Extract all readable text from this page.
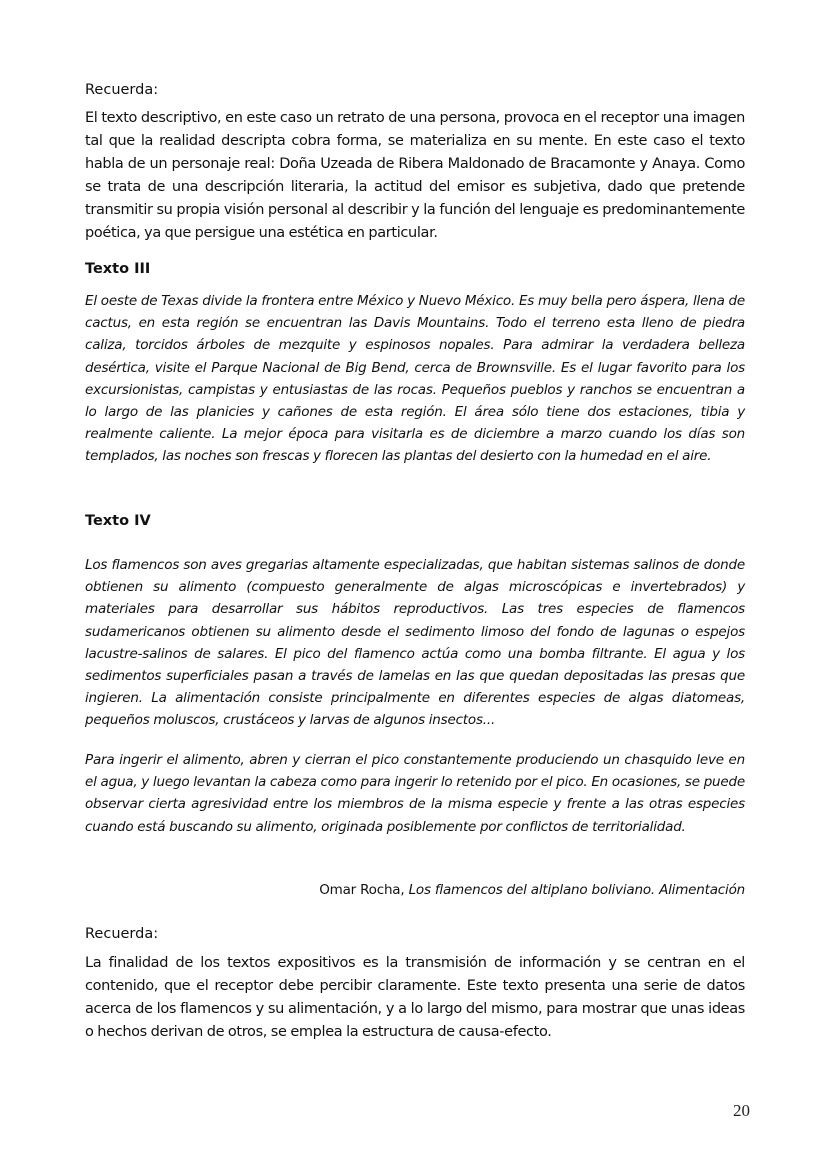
Recuerda:
El texto descriptivo, en este caso un retrato de una persona, provoca en el receptor una imagen tal que la realidad descripta cobra forma, se materializa en su mente. En este caso el texto habla de un personaje real: Doña Uzeada de Ribera Maldonado de Bracamonte y Anaya. Como se trata de una descripción literaria, la actitud del emisor es subjetiva, dado que pretende transmitir su propia visión personal al describir y la función del lenguaje es predominantemente poética, ya que persigue una estética en particular.
Texto III
El oeste de Texas divide la frontera entre México y Nuevo México. Es muy bella pero áspera, llena de cactus, en esta región se encuentran las Davis Mountains. Todo el terreno esta lleno de piedra caliza, torcidos árboles de mezquite y espinosos nopales. Para admirar la verdadera belleza desértica, visite el Parque Nacional de Big Bend, cerca de Brownsville. Es el lugar favorito para los excursionistas, campistas y entusiastas de las rocas. Pequeños pueblos y ranchos se encuentran a lo largo de las planicies y cañones de esta región. El área sólo tiene dos estaciones, tibia y realmente caliente. La mejor época para visitarla es de diciembre a marzo cuando los días son templados, las noches son frescas y florecen las plantas del desierto con la humedad en el aire.
Texto IV
Los flamencos son aves gregarias altamente especializadas, que habitan sistemas salinos de donde obtienen su alimento (compuesto generalmente de algas microscópicas e invertebrados) y materiales para desarrollar sus hábitos reproductivos. Las tres especies de flamencos sudamericanos obtienen su alimento desde el sedimento limoso del fondo de lagunas o espejos lacustre-salinos de salares. El pico del flamenco actúa como una bomba filtrante. El agua y los sedimentos superficiales pasan a través de lamelas en las que quedan depositadas las presas que ingieren. La alimentación consiste principalmente en diferentes especies de algas diatomeas, pequeños moluscos, crustáceos y larvas de algunos insectos...
Para ingerir el alimento, abren y cierran el pico constantemente produciendo un chasquido leve en el agua, y luego levantan la cabeza como para ingerir lo retenido por el pico. En ocasiones, se puede observar cierta agresividad entre los miembros de la misma especie y frente a las otras especies cuando está buscando su alimento, originada posiblemente por conflictos de territorialidad.
Omar Rocha, Los flamencos del altiplano boliviano. Alimentación
Recuerda:
La finalidad de los textos expositivos es la transmisión de información y se centran en el contenido, que el receptor debe percibir claramente. Este texto presenta una serie de datos acerca de los flamencos y su alimentación, y a lo largo del mismo, para mostrar que unas ideas o hechos derivan de otros, se emplea la estructura de causa-efecto.
20
